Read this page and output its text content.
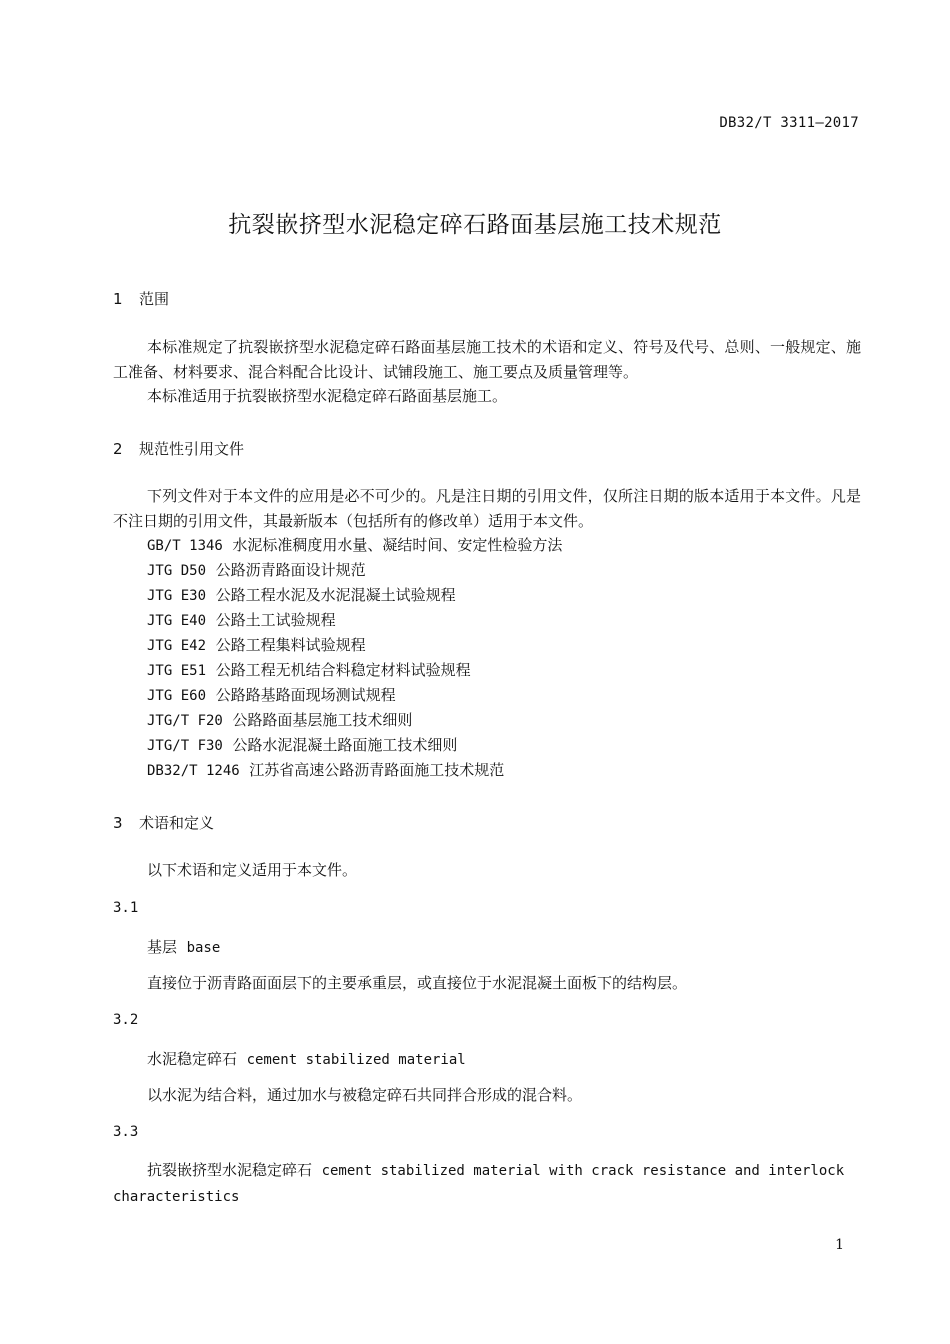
DB32/T 3311—2017
抗裂嵌挤型水泥稳定碎石路面基层施工技术规范
1 范围
本标准规定了抗裂嵌挤型水泥稳定碎石路面基层施工技术的术语和定义、符号及代号、总则、一般规定、施工准备、材料要求、混合料配合比设计、试铺段施工、施工要点及质量管理等。
本标准适用于抗裂嵌挤型水泥稳定碎石路面基层施工。
2 规范性引用文件
下列文件对于本文件的应用是必不可少的。凡是注日期的引用文件，仅所注日期的版本适用于本文件。凡是不注日期的引用文件，其最新版本（包括所有的修改单）适用于本文件。
GB/T 1346 水泥标准稠度用水量、凝结时间、安定性检验方法
JTG D50 公路沥青路面设计规范
JTG E30 公路工程水泥及水泥混凝土试验规程
JTG E40 公路土工试验规程
JTG E42 公路工程集料试验规程
JTG E51 公路工程无机结合料稳定材料试验规程
JTG E60 公路路基路面现场测试规程
JTG/T F20 公路路面基层施工技术细则
JTG/T F30 公路水泥混凝土路面施工技术细则
DB32/T 1246 江苏省高速公路沥青路面施工技术规范
3 术语和定义
以下术语和定义适用于本文件。
3.1
基层 base
直接位于沥青路面面层下的主要承重层，或直接位于水泥混凝土面板下的结构层。
3.2
水泥稳定碎石 cement stabilized material
以水泥为结合料，通过加水与被稳定碎石共同拌合形成的混合料。
3.3
抗裂嵌挤型水泥稳定碎石 cement stabilized material with crack resistance and interlock characteristics
1
